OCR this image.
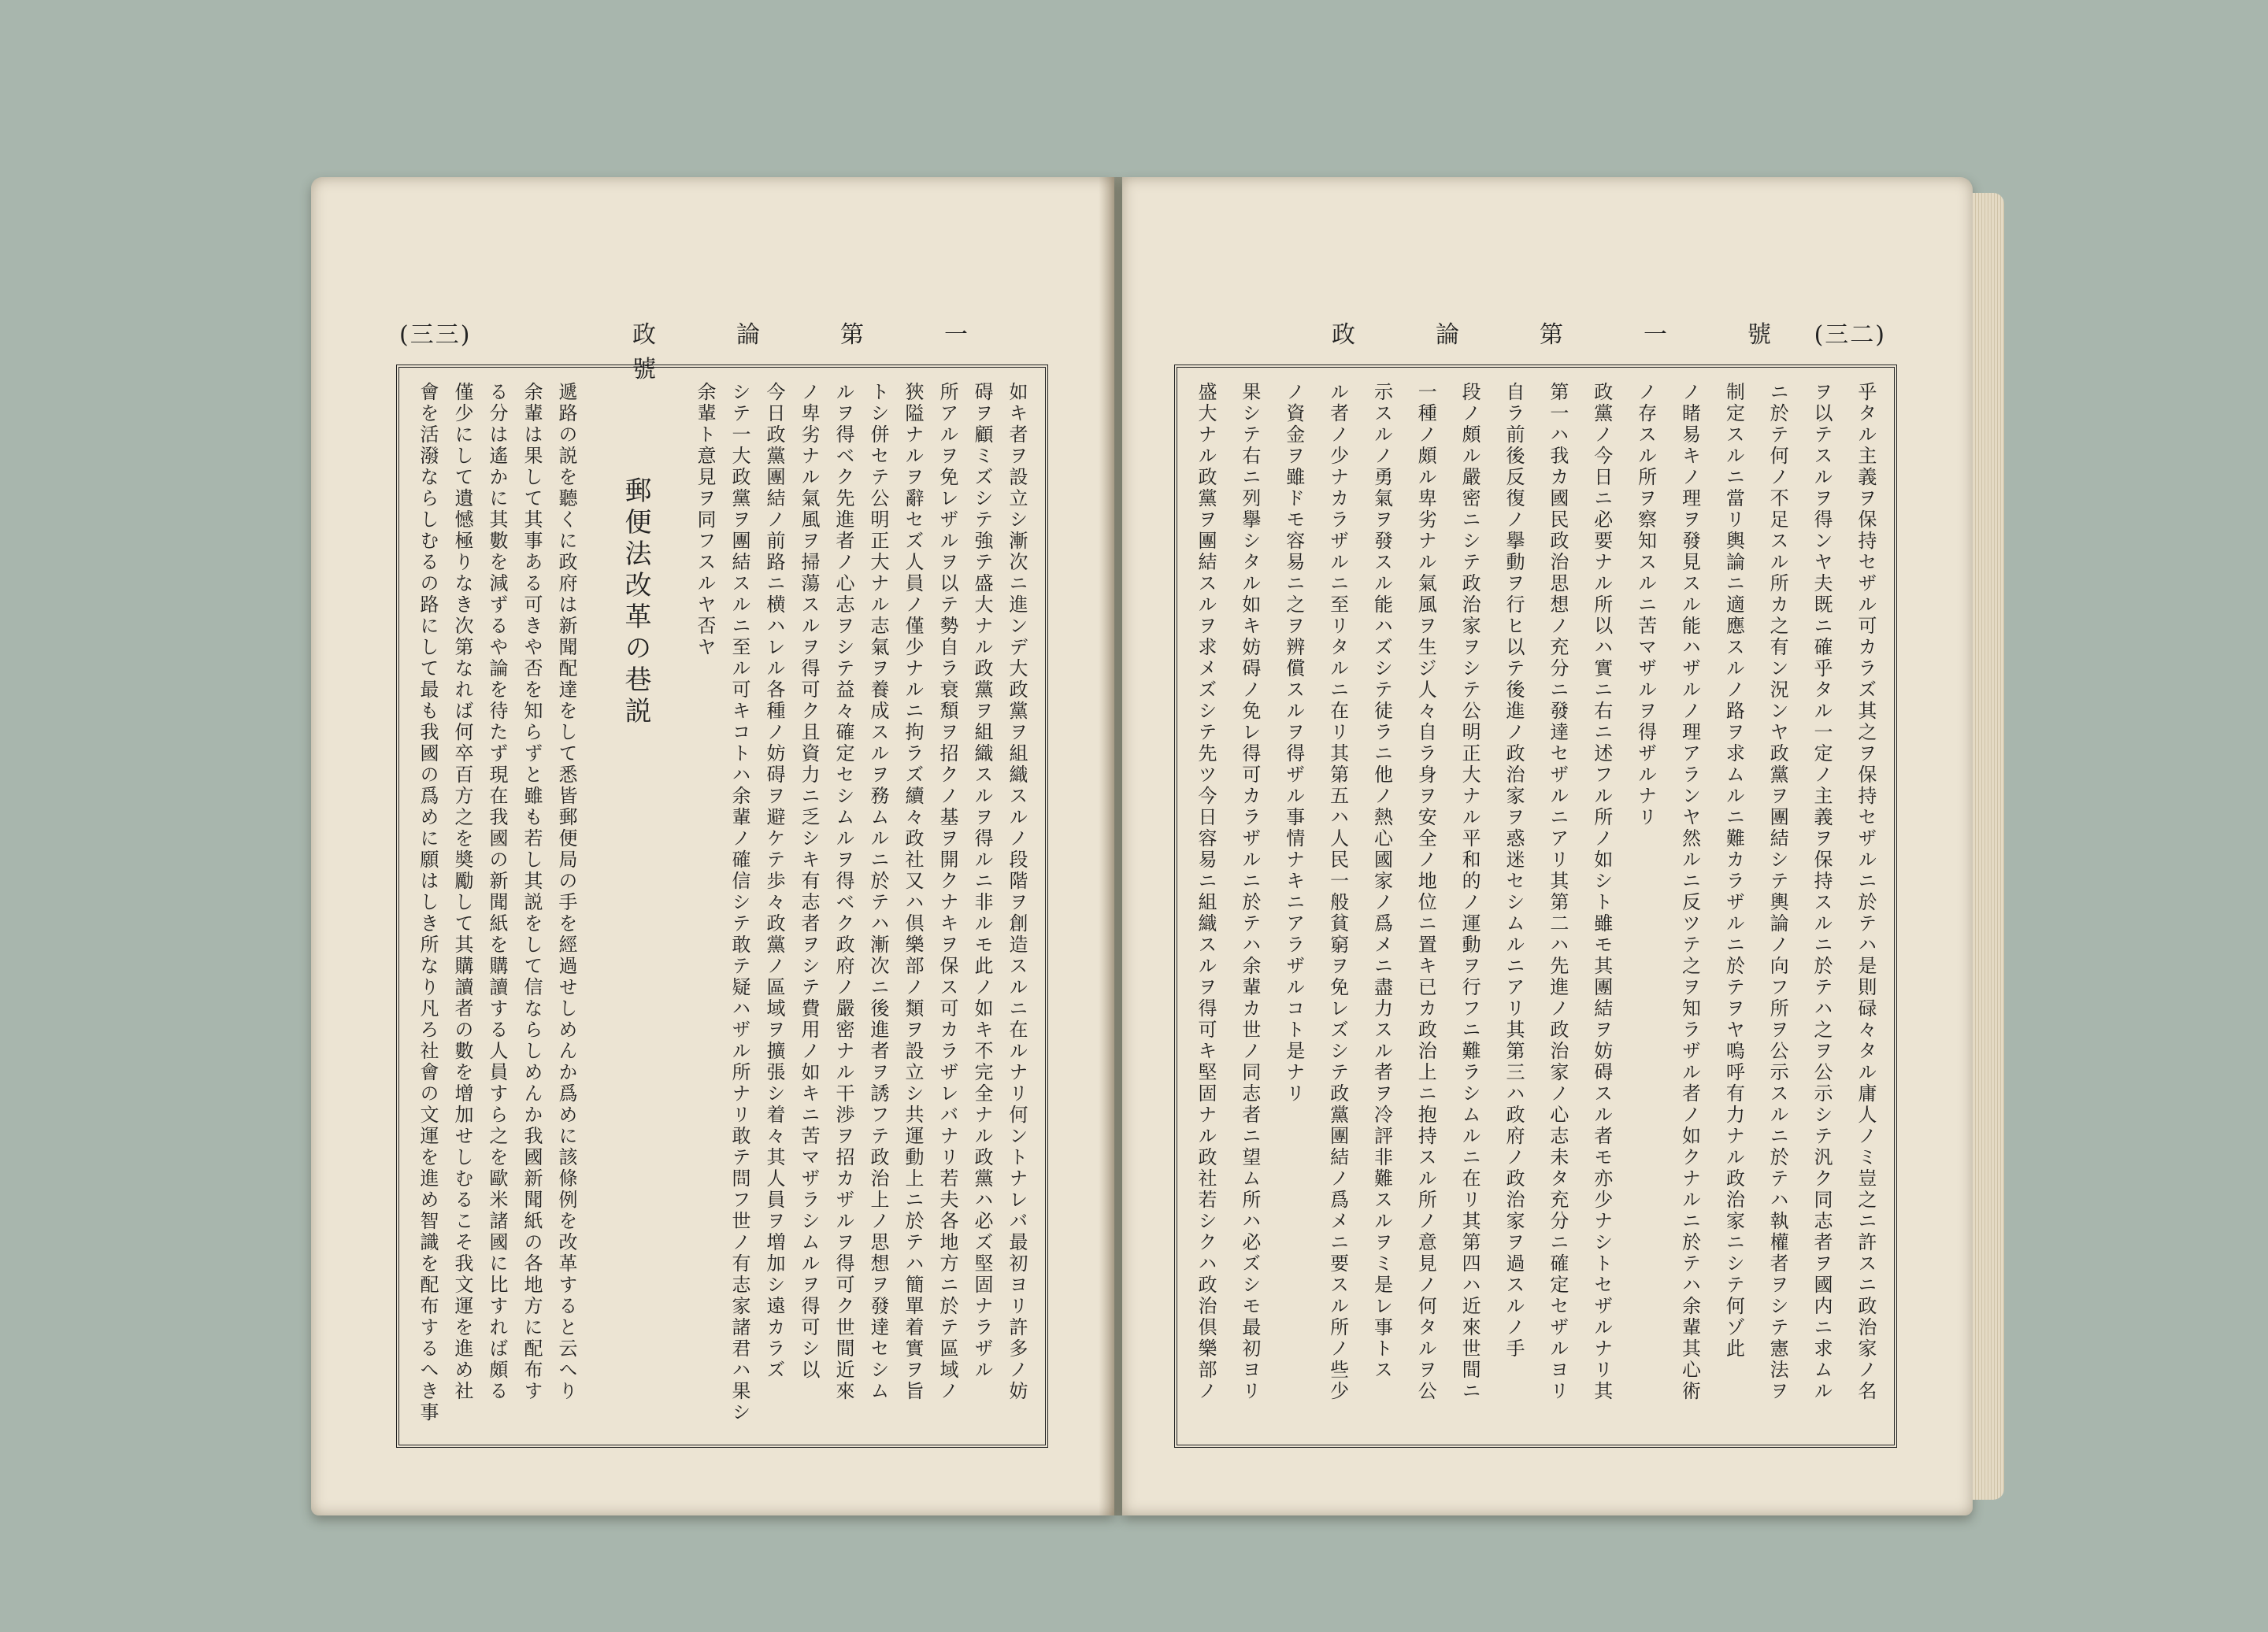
(三三)	政　論　第　一　號
如キ者ヲ設立シ漸次ニ進ンデ大政黨ヲ組織スルノ段階ヲ創造スルニ在ルナリ何ントナレバ最初ヨリ許多ノ妨
碍ヲ顧ミズシテ強テ盛大ナル政黨ヲ組織スルヲ得ルニ非ルモ此ノ如キ不完全ナル政黨ハ必ズ堅固ナラザル
所アルヲ免レザルヲ以テ勢自ラ衰頽ヲ招クノ基ヲ開クナキヲ保ス可カラザレバナリ若夫各地方ニ於テ區域ノ
狹隘ナルヲ辭セズ人員ノ僅少ナルニ拘ラズ續々政社又ハ倶樂部ノ類ヲ設立シ共運動上ニ於テハ簡單着實ヲ旨
トシ併セテ公明正大ナル志氣ヲ養成スルヲ務ムルニ於テハ漸次ニ後進者ヲ誘フテ政治上ノ思想ヲ發達セシム
ルヲ得ベク先進者ノ心志ヲシテ益々確定セシムルヲ得ベク政府ノ嚴密ナル干渉ヲ招カザルヲ得可ク世間近來
ノ卑劣ナル氣風ヲ掃蕩スルヲ得可ク且資力ニ乏シキ有志者ヲシテ費用ノ如キニ苦マザラシムルヲ得可シ以
今日政黨團結ノ前路ニ横ハレル各種ノ妨碍ヲ避ケテ歩々政黨ノ區域ヲ擴張シ着々其人員ヲ増加シ遠カラズ
シテ一大政黨ヲ團結スルニ至ル可キコトハ余輩ノ確信シテ敢テ疑ハザル所ナリ敢テ問フ世ノ有志家諸君ハ果シ
余輩ト意見ヲ同フスルヤ否ヤ
郵便法改革の巷説
遞路の説を聽くに政府は新聞配達をして悉皆郵便局の手を經過せしめんか爲めに該條例を改革すると云へり
余輩は果して其事ある可きや否を知らずと雖も若し其説をして信ならしめんか我國新聞紙の各地方に配布す
る分は遙かに其數を減ずるや論を待たず現在我國の新聞紙を購讀する人員すら之を歐米諸國に比すれば頗る
僅少にして遺憾極りなき次第なれば何卒百方之を奬勵して其購讀者の數を增加せしむるこそ我文運を進め社
會を活潑ならしむるの路にして最も我國の爲めに願はしき所なり凡ろ社會の文運を進め智識を配布するへき事
政　論　第　一　號 (三二)
乎タル主義ヲ保持セザル可カラズ其之ヲ保持セザルニ於テハ是則碌々タル庸人ノミ豈之ニ許スニ政治家ノ名
ヲ以テスルヲ得ンヤ夫既ニ確乎タル一定ノ主義ヲ保持スルニ於テハ之ヲ公示シテ汎ク同志者ヲ國内ニ求ムル
ニ於テ何ノ不足スル所カ之有ン況ンヤ政黨ヲ團結シテ輿論ノ向フ所ヲ公示スルニ於テハ執權者ヲシテ憲法ヲ
制定スルニ當リ輿論ニ適應スルノ路ヲ求ムルニ難カラザルニ於テヲヤ嗚呼有力ナル政治家ニシテ何ゾ此
ノ睹易キノ理ヲ發見スル能ハザルノ理アランヤ然ルニ反ツテ之ヲ知ラザル者ノ如クナルニ於テハ余輩其心術
ノ存スル所ヲ察知スルニ苦マザルヲ得ザルナリ
政黨ノ今日ニ必要ナル所以ハ實ニ右ニ述フル所ノ如シト雖モ其團結ヲ妨碍スル者モ亦少ナシトセザルナリ其
第一ハ我カ國民政治思想ノ充分ニ發達セザルニアリ其第二ハ先進ノ政治家ノ心志未タ充分ニ確定セザルヨリ
自ラ前後反復ノ擧動ヲ行ヒ以テ後進ノ政治家ヲ惑迷セシムルニアリ其第三ハ政府ノ政治家ヲ過スルノ手
段ノ頗ル嚴密ニシテ政治家ヲシテ公明正大ナル平和的ノ運動ヲ行フニ難ラシムルニ在リ其第四ハ近來世間ニ
一種ノ頗ル卑劣ナル氣風ヲ生ジ人々自ラ身ヲ安全ノ地位ニ置キ已カ政治上ニ抱持スル所ノ意見ノ何タルヲ公
示スルノ勇氣ヲ發スル能ハズシテ徒ラニ他ノ熱心國家ノ爲メニ盡力スル者ヲ冷評非難スルヲミ是レ事トス
ル者ノ少ナカラザルニ至リタルニ在リ其第五ハ人民一般貧窮ヲ免レズシテ政黨團結ノ爲メニ要スル所ノ些少
ノ資金ヲ雖ドモ容易ニ之ヲ辨償スルヲ得ザル事情ナキニアラザルコト是ナリ
果シテ右ニ列擧シタル如キ妨碍ノ免レ得可カラザルニ於テハ余輩カ世ノ同志者ニ望ム所ハ必ズシモ最初ヨリ
盛大ナル政黨ヲ團結スルヲ求メズシテ先ツ今日容易ニ組織スルヲ得可キ堅固ナル政社若シクハ政治倶樂部ノ
